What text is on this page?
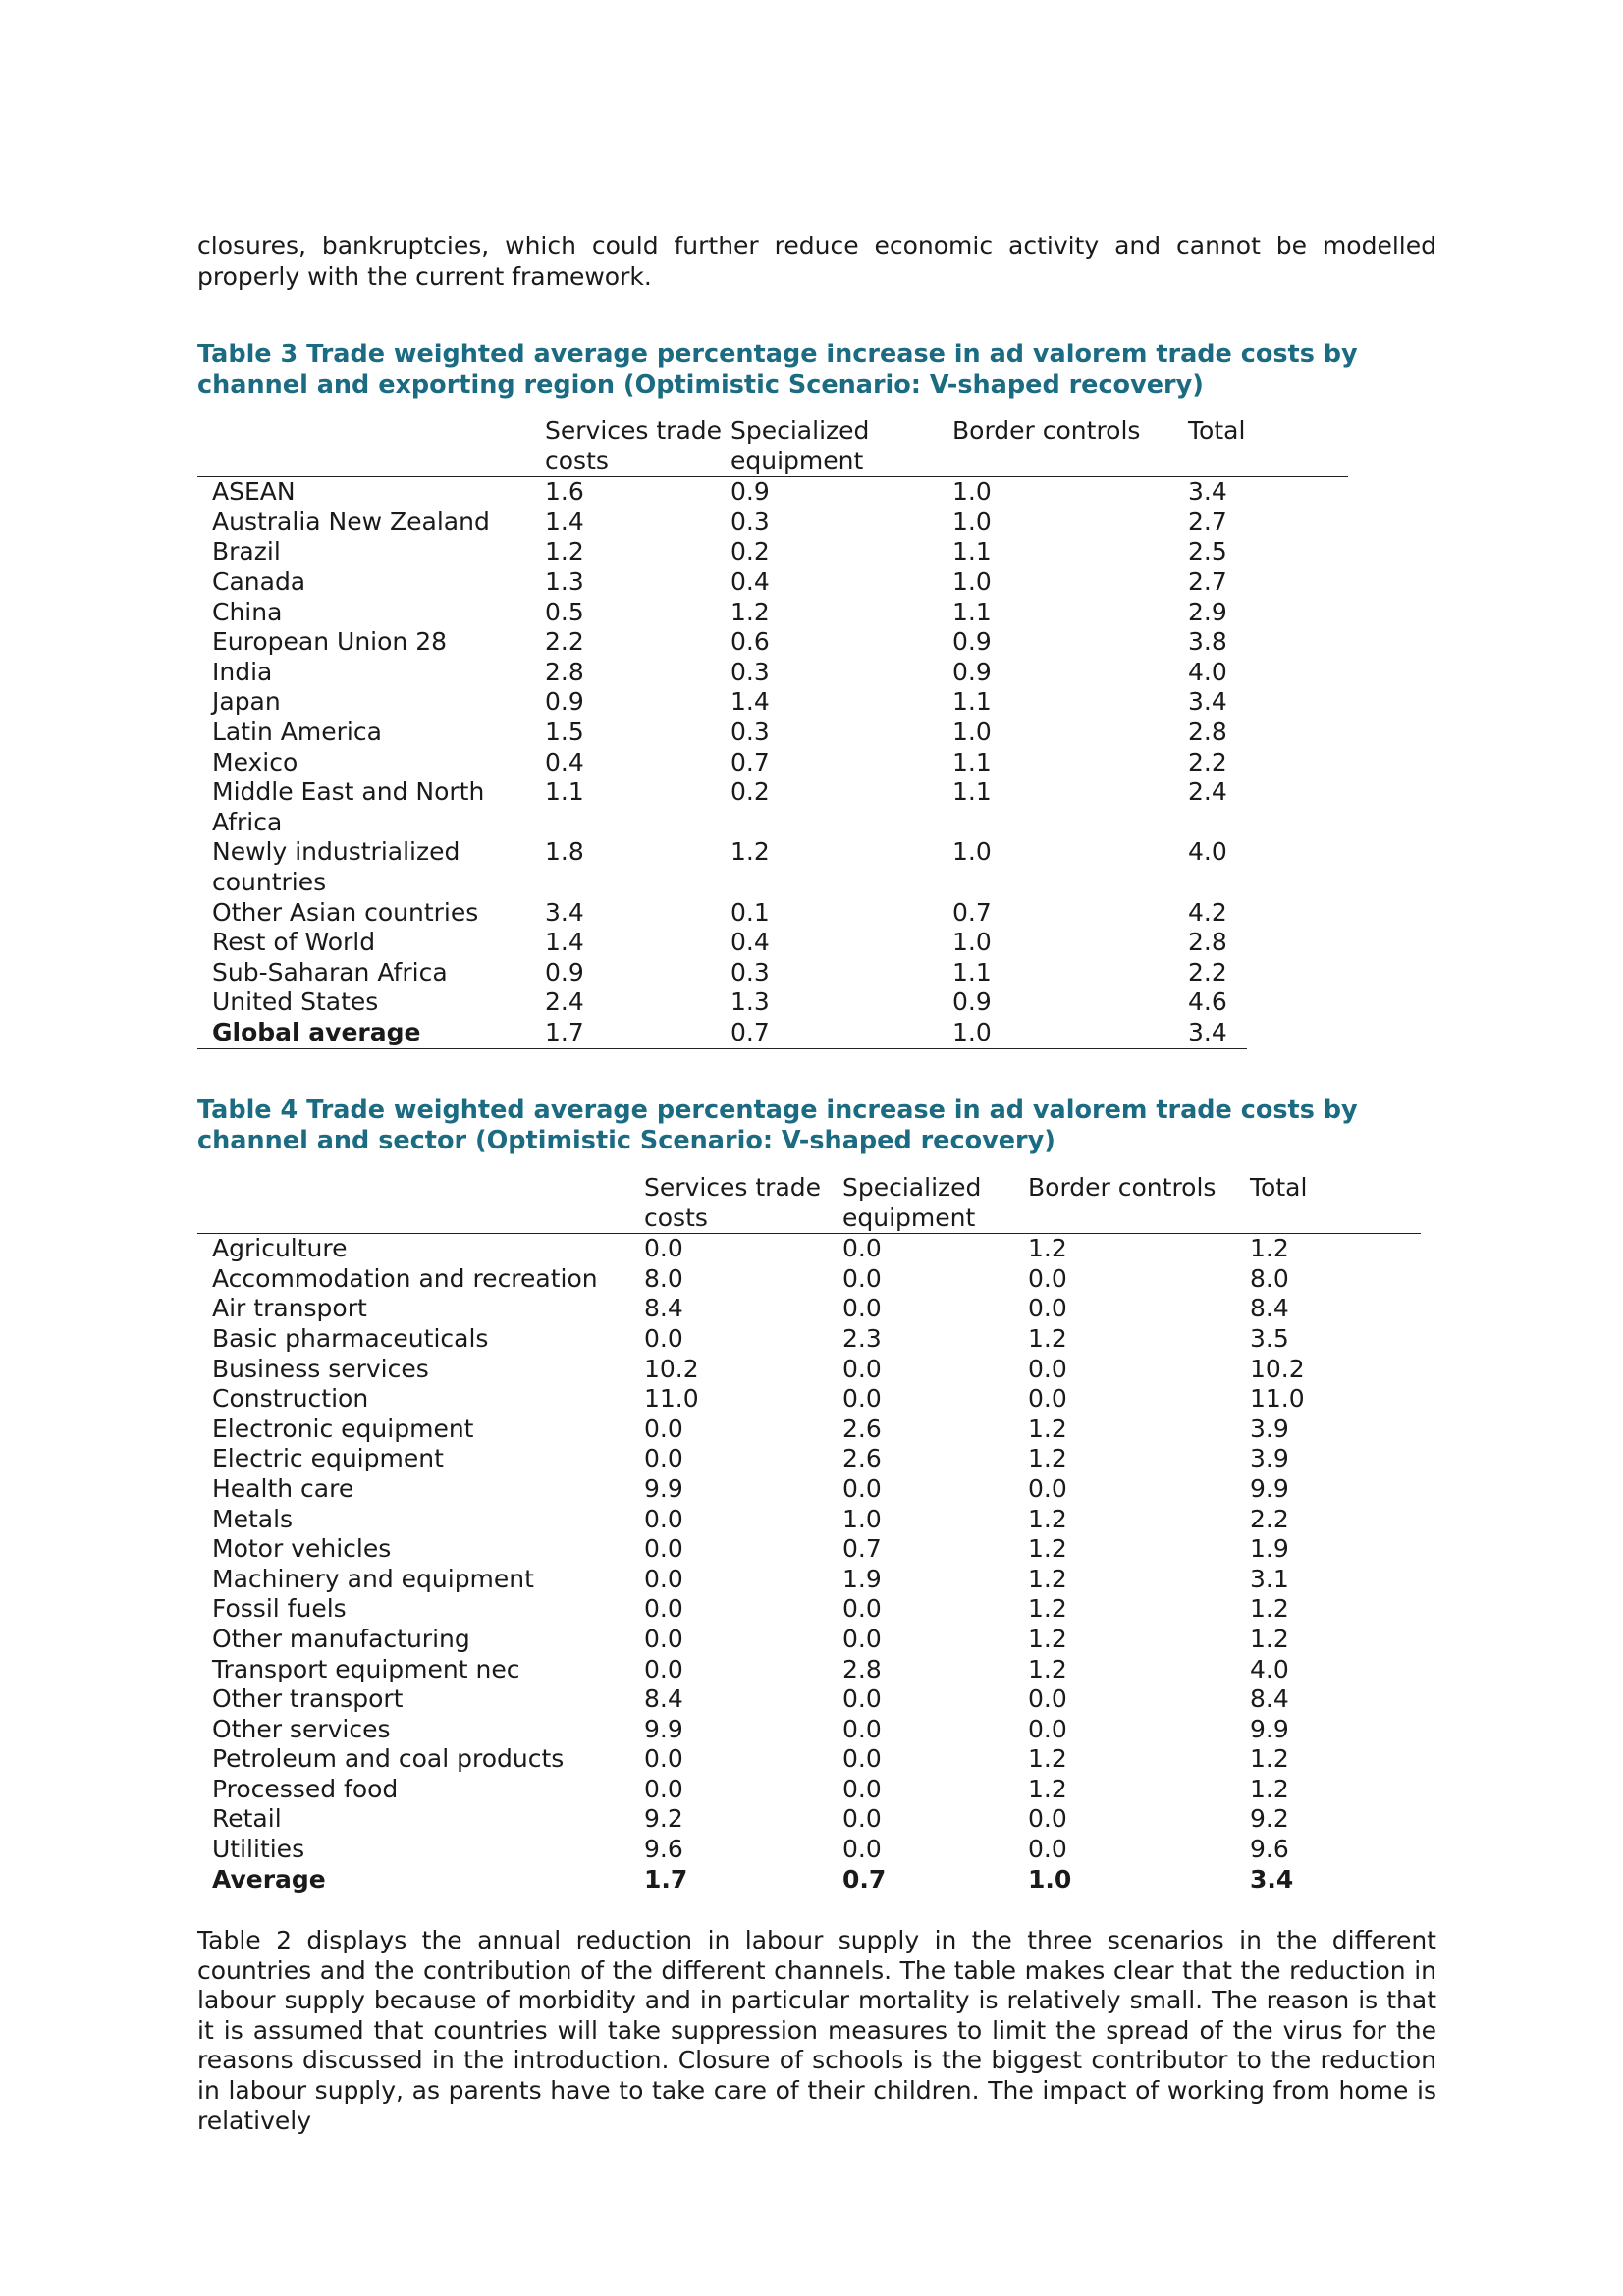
closures, bankruptcies, which could further reduce economic activity and cannot be modelled properly with the current framework.

Table 3 Trade weighted average percentage increase in ad valorem trade costs by channel and exporting region (Optimistic Scenario: V-shaped recovery)

	Services trade costs	Specialized equipment	Border controls	Total
ASEAN	1.6	0.9	1.0	3.4
Australia New Zealand	1.4	0.3	1.0	2.7
Brazil	1.2	0.2	1.1	2.5
Canada	1.3	0.4	1.0	2.7
China	0.5	1.2	1.1	2.9
European Union 28	2.2	0.6	0.9	3.8
India	2.8	0.3	0.9	4.0
Japan	0.9	1.4	1.1	3.4
Latin America	1.5	0.3	1.0	2.8
Mexico	0.4	0.7	1.1	2.2
Middle East and North Africa	1.1	0.2	1.1	2.4
Newly industrialized countries	1.8	1.2	1.0	4.0
Other Asian countries	3.4	0.1	0.7	4.2
Rest of World	1.4	0.4	1.0	2.8
Sub-Saharan Africa	0.9	0.3	1.1	2.2
United States	2.4	1.3	0.9	4.6
Global average	1.7	0.7	1.0	3.4

Table 4 Trade weighted average percentage increase in ad valorem trade costs by channel and sector (Optimistic Scenario: V-shaped recovery)

	Services trade costs	Specialized equipment	Border controls	Total
Agriculture	0.0	0.0	1.2	1.2
Accommodation and recreation	8.0	0.0	0.0	8.0
Air transport	8.4	0.0	0.0	8.4
Basic pharmaceuticals	0.0	2.3	1.2	3.5
Business services	10.2	0.0	0.0	10.2
Construction	11.0	0.0	0.0	11.0
Electronic equipment	0.0	2.6	1.2	3.9
Electric equipment	0.0	2.6	1.2	3.9
Health care	9.9	0.0	0.0	9.9
Metals	0.0	1.0	1.2	2.2
Motor vehicles	0.0	0.7	1.2	1.9
Machinery and equipment	0.0	1.9	1.2	3.1
Fossil fuels	0.0	0.0	1.2	1.2
Other manufacturing	0.0	0.0	1.2	1.2
Transport equipment nec	0.0	2.8	1.2	4.0
Other transport	8.4	0.0	0.0	8.4
Other services	9.9	0.0	0.0	9.9
Petroleum and coal products	0.0	0.0	1.2	1.2
Processed food	0.0	0.0	1.2	1.2
Retail	9.2	0.0	0.0	9.2
Utilities	9.6	0.0	0.0	9.6
Average	1.7	0.7	1.0	3.4

Table 2 displays the annual reduction in labour supply in the three scenarios in the different countries and the contribution of the different channels. The table makes clear that the reduction in labour supply because of morbidity and in particular mortality is relatively small. The reason is that it is assumed that countries will take suppression measures to limit the spread of the virus for the reasons discussed in the introduction. Closure of schools is the biggest contributor to the reduction in labour supply, as parents have to take care of their children. The impact of working from home is relatively
